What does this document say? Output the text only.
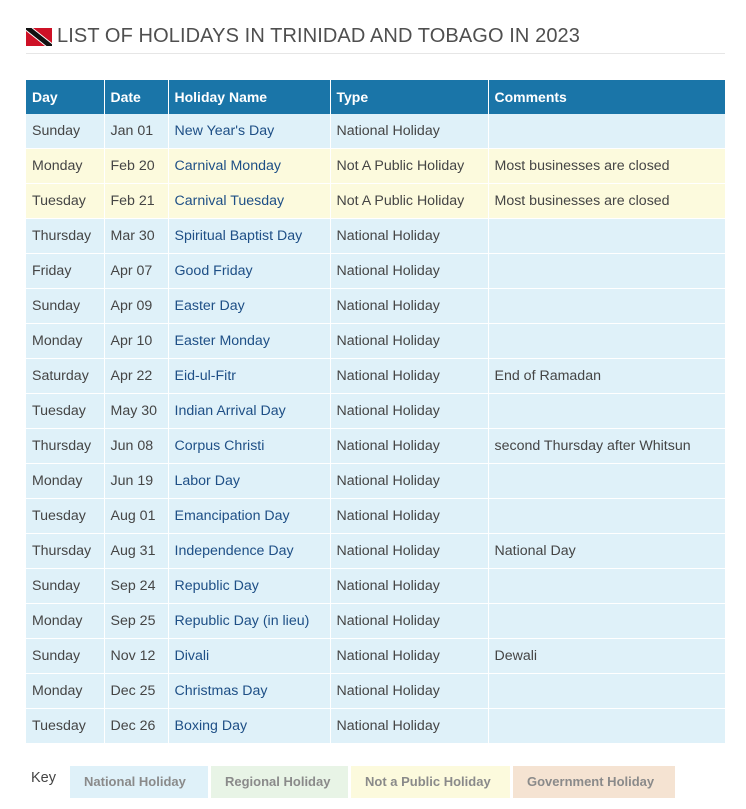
LIST OF HOLIDAYS IN TRINIDAD AND TOBAGO IN 2023
Day	Date	Holiday Name	Type	Comments
Sunday	Jan 01	New Year's Day	National Holiday	
Monday	Feb 20	Carnival Monday	Not A Public Holiday	Most businesses are closed
Tuesday	Feb 21	Carnival Tuesday	Not A Public Holiday	Most businesses are closed
Thursday	Mar 30	Spiritual Baptist Day	National Holiday	
Friday	Apr 07	Good Friday	National Holiday	
Sunday	Apr 09	Easter Day	National Holiday	
Monday	Apr 10	Easter Monday	National Holiday	
Saturday	Apr 22	Eid-ul-Fitr	National Holiday	End of Ramadan
Tuesday	May 30	Indian Arrival Day	National Holiday	
Thursday	Jun 08	Corpus Christi	National Holiday	second Thursday after Whitsun
Monday	Jun 19	Labor Day	National Holiday	
Tuesday	Aug 01	Emancipation Day	National Holiday	
Thursday	Aug 31	Independence Day	National Holiday	National Day
Sunday	Sep 24	Republic Day	National Holiday	
Monday	Sep 25	Republic Day (in lieu)	National Holiday	
Sunday	Nov 12	Divali	National Holiday	Dewali
Monday	Dec 25	Christmas Day	National Holiday	
Tuesday	Dec 26	Boxing Day	National Holiday	
Key	National Holiday	Regional Holiday	Not a Public Holiday	Government Holiday
